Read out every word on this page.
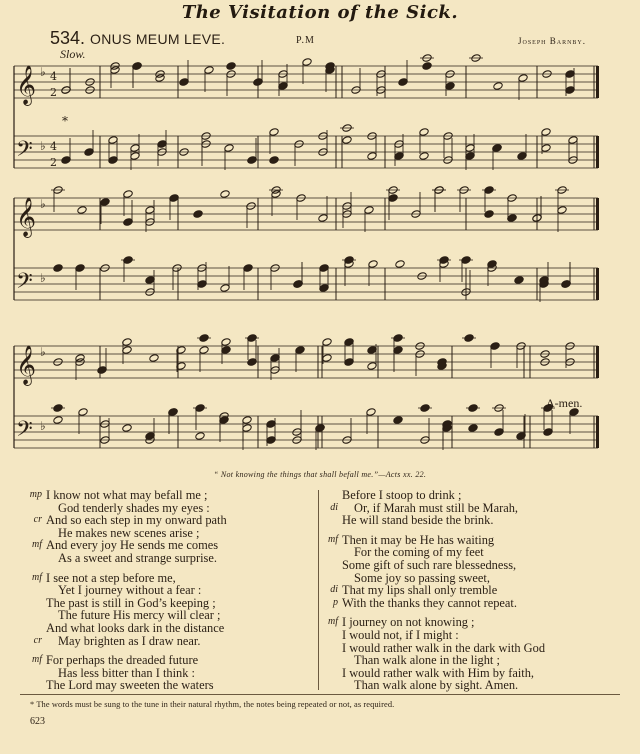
The Visitation of the Sick.
534. ONUS MEUM LEVE.	P.M	Joseph Barnby.
Slow.
𝄞 ♭ 4
2
𝄢 ♭ 4
2
𝄞 ♭
𝄢 ♭
𝄞 ♭
𝄢 ♭
*
A-men.
“ Not knowing the things that shall befall me.”—Acts xx. 22.
mp I know not what may befall me ;
God tenderly shades my eyes :
cr And so each step in my onward path
He makes new scenes arise ;
mf And every joy He sends me comes
As a sweet and strange surprise.
mf I see not a step before me,
Yet I journey without a fear :
The past is still in God’s keeping ;
The future His mercy will clear ;
And what looks dark in the distance
cr May brighten as I draw near.
mf For perhaps the dreaded future
Has less bitter than I think :
The Lord may sweeten the waters
Before I stoop to drink ;
di Or, if Marah must still be Marah,
He will stand beside the brink.
mf Then it may be He has waiting
For the coming of my feet
Some gift of such rare blessedness,
Some joy so passing sweet,
di That my lips shall only tremble
p With the thanks they cannot repeat.
mf I journey on not knowing ;
I would not, if I might :
I would rather walk in the dark with God
Than walk alone in the light ;
I would rather walk with Him by faith,
Than walk alone by sight. Amen.
* The words must be sung to the tune in their natural rhythm, the notes being repeated or not, as required.
623
